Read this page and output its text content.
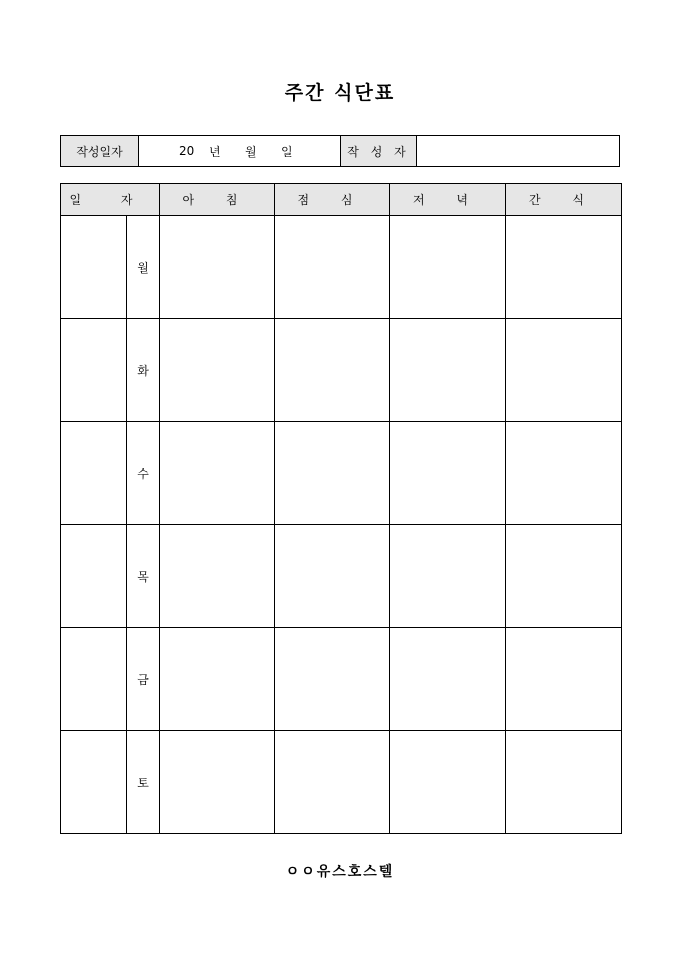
주간 식단표
작성일자	20	년	월	일	작 성 자
일 자		아 침	점 심	저 녁	간 식
	월				
	화				
	수				
	목				
	금				
	토				
ㅇㅇ유스호스텔
